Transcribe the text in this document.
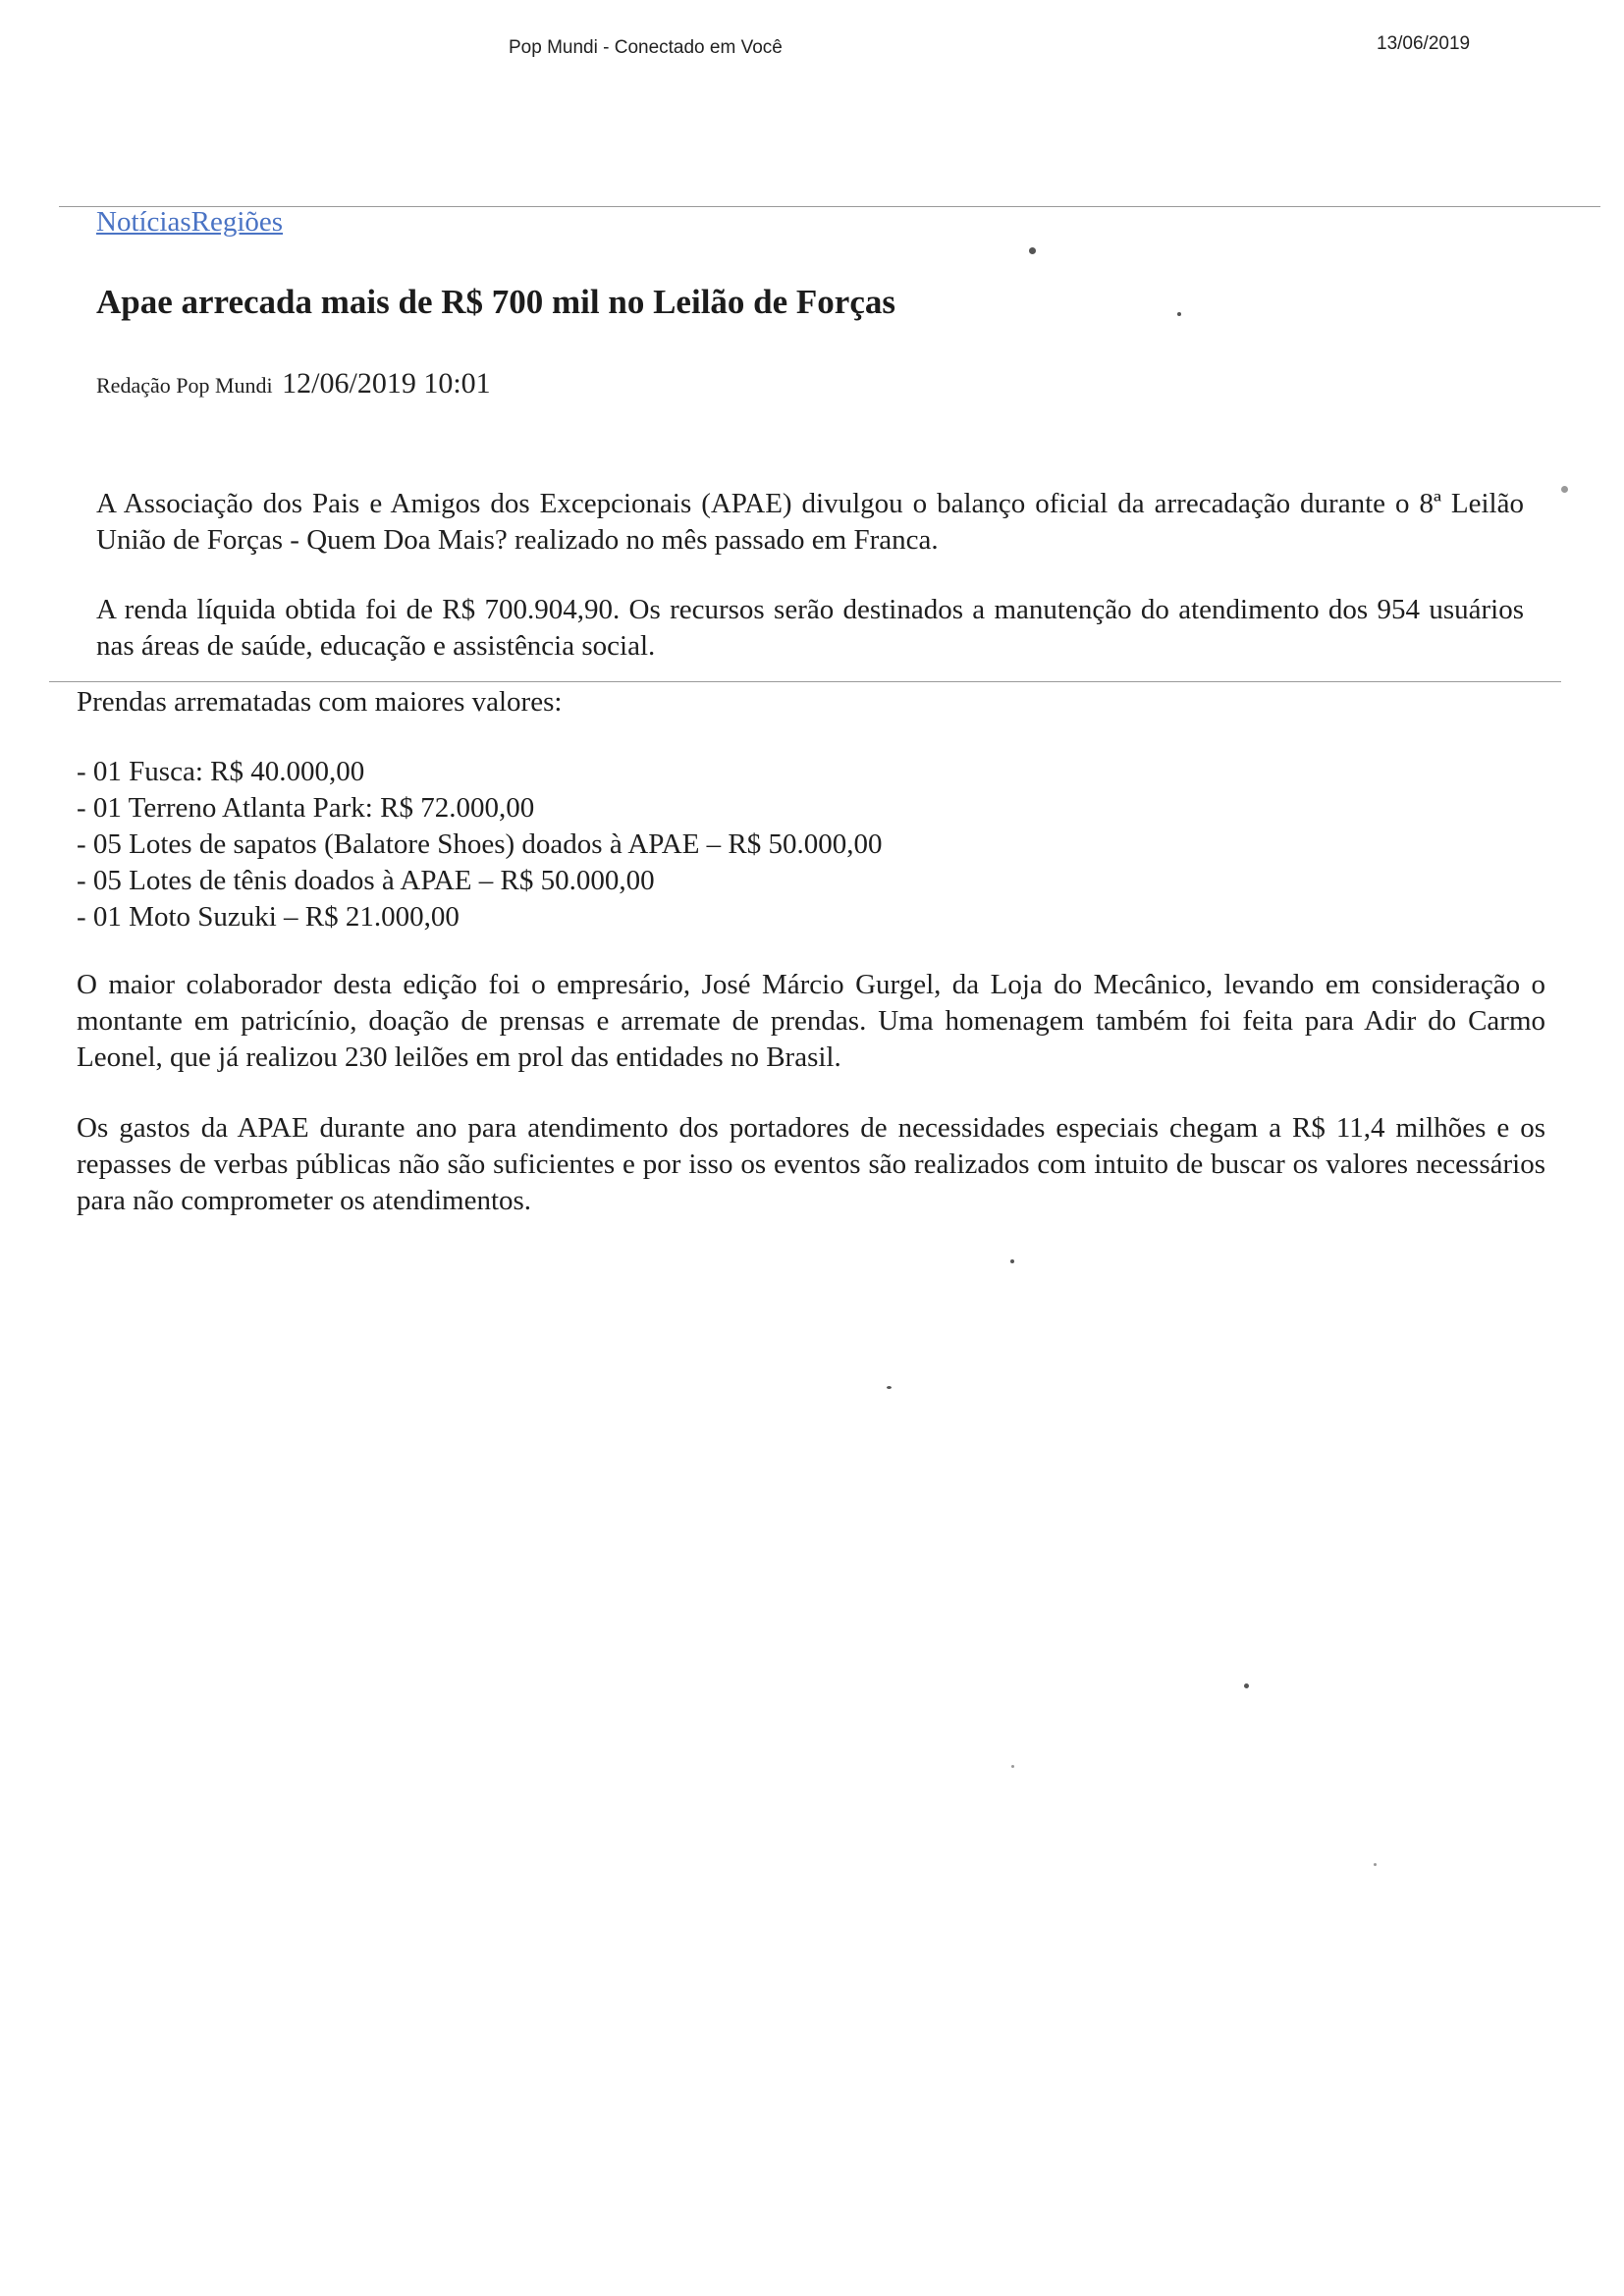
Pop Mundi - Conectado em Você	13/06/2019
NotíciasRegiões
Apae arrecada mais de R$ 700 mil no Leilão de Forças
Redação Pop Mundi 12/06/2019 10:01

A Associação dos Pais e Amigos dos Excepcionais (APAE) divulgou o balanço oficial da arrecadação durante o 8ª Leilão União de Forças - Quem Doa Mais? realizado no mês passado em Franca.

A renda líquida obtida foi de R$ 700.904,90. Os recursos serão destinados a manutenção do atendimento dos 954 usuários nas áreas de saúde, educação e assistência social.

Prendas arrematadas com maiores valores:

- 01 Fusca: R$ 40.000,00
- 01 Terreno Atlanta Park: R$ 72.000,00
- 05 Lotes de sapatos (Balatore Shoes) doados à APAE – R$ 50.000,00
- 05 Lotes de tênis doados à APAE – R$ 50.000,00
- 01 Moto Suzuki – R$ 21.000,00

O maior colaborador desta edição foi o empresário, José Márcio Gurgel, da Loja do Mecânico, levando em consideração o montante em patricínio, doação de prensas e arremate de prendas. Uma homenagem também foi feita para Adir do Carmo Leonel, que já realizou 230 leilões em prol das entidades no Brasil.

Os gastos da APAE durante ano para atendimento dos portadores de necessidades especiais chegam a R$ 11,4 milhões e os repasses de verbas públicas não são suficientes e por isso os eventos são realizados com intuito de buscar os valores necessários para não comprometer os atendimentos.
